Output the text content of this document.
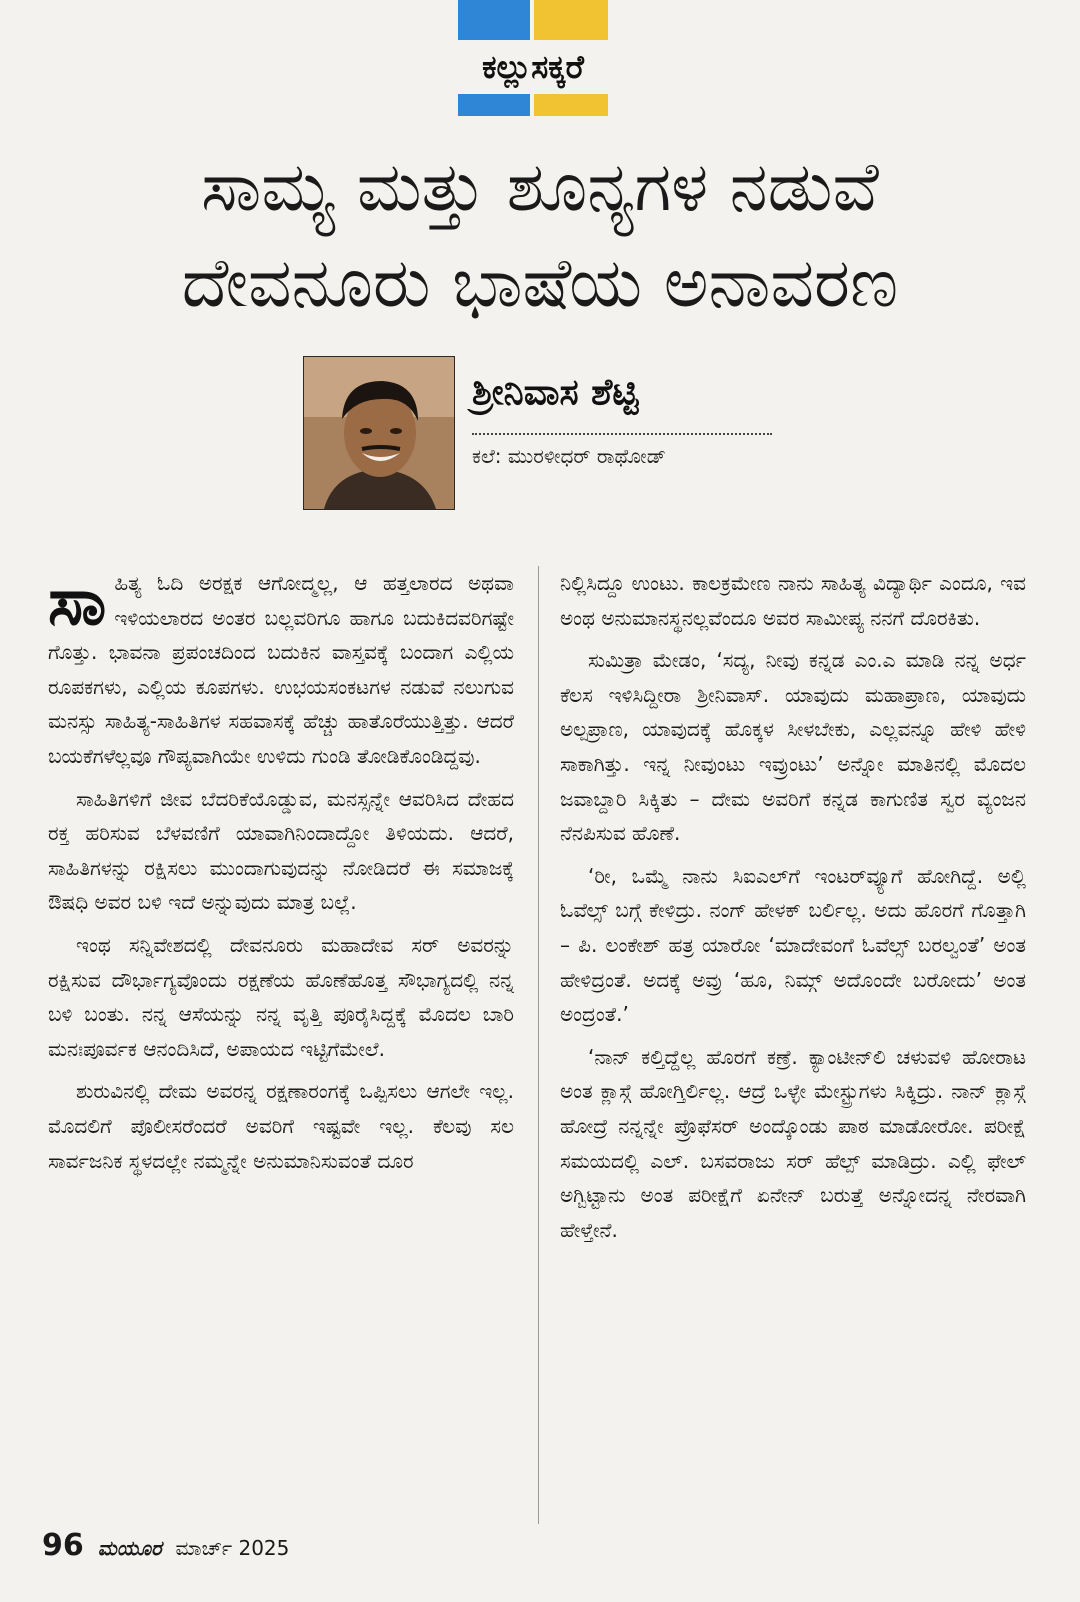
ಕಲ್ಲುಸಕ್ಕರೆ
ಸಾಮ್ಯ ಮತ್ತು ಶೂನ್ಯಗಳ ನಡುವೆ
ದೇವನೂರು ಭಾಷೆಯ ಅನಾವರಣ
ಶ್ರೀನಿವಾಸ ಶೆಟ್ಟಿ
ಕಲೆ: ಮುರಳೀಧರ್ ರಾಥೋಡ್

ಸಾಹಿತ್ಯ ಓದಿ ಅರಕ್ಷಕ ಆಗೋದ್ಮಲ್ಲ, ಆ ಹತ್ತಲಾರದ ಅಥವಾ ಇಳಿಯಲಾರದ ಅಂತರ ಬಲ್ಲವರಿಗೂ ಹಾಗೂ ಬದುಕಿದವರಿಗಷ್ಟೇ ಗೊತ್ತು. ಭಾವನಾ ಪ್ರಪಂಚದಿಂದ ಬದುಕಿನ ವಾಸ್ತವಕ್ಕೆ ಬಂದಾಗ ಎಲ್ಲಿಯ ರೂಪಕಗಳು, ಎಲ್ಲಿಯ ಕೂಪಗಳು. ಉಭಯಸಂಕಟಗಳ ನಡುವೆ ನಲುಗುವ ಮನಸ್ಸು ಸಾಹಿತ್ಯ-ಸಾಹಿತಿಗಳ ಸಹವಾಸಕ್ಕೆ ಹೆಚ್ಚು ಹಾತೊರೆಯುತ್ತಿತ್ತು. ಆದರೆ ಬಯಕೆಗಳೆಲ್ಲವೂ ಗೌಪ್ಯವಾಗಿಯೇ ಉಳಿದು ಗುಂಡಿ ತೋಡಿಕೊಂಡಿದ್ದವು.

ಸಾಹಿತಿಗಳಿಗೆ ಜೀವ ಬೆದರಿಕೆಯೊಡ್ಡುವ, ಮನಸ್ಸನ್ನೇ ಆವರಿಸಿದ ದೇಹದ ರಕ್ತ ಹರಿಸುವ ಬೆಳವಣಿಗೆ ಯಾವಾಗಿನಿಂದಾದ್ದೋ ತಿಳಿಯದು. ಆದರೆ, ಸಾಹಿತಿಗಳನ್ನು ರಕ್ಷಿಸಲು ಮುಂದಾಗುವುದನ್ನು ನೋಡಿದರೆ ಈ ಸಮಾಜಕ್ಕೆ ಔಷಧಿ ಅವರ ಬಳಿ ಇದೆ ಅನ್ನುವುದು ಮಾತ್ರ ಬಲ್ಲೆ.

ಇಂಥ ಸನ್ನಿವೇಶದಲ್ಲಿ ದೇವನೂರು ಮಹಾದೇವ ಸರ್ ಅವರನ್ನು ರಕ್ಷಿಸುವ ದೌರ್ಭಾಗ್ಯವೊಂದು ರಕ್ಷಣೆಯ ಹೊಣೆಹೊತ್ತ ಸೌಭಾಗ್ಯದಲ್ಲಿ ನನ್ನ ಬಳಿ ಬಂತು. ನನ್ನ ಆಸೆಯನ್ನು ನನ್ನ ವೃತ್ತಿ ಪೂರೈಸಿದ್ದಕ್ಕೆ ಮೊದಲ ಬಾರಿ ಮನಃಪೂರ್ವಕ ಆನಂದಿಸಿದೆ, ಅಪಾಯದ ಇಟ್ಟಿಗೆಮೇಲೆ.

ಶುರುವಿನಲ್ಲಿ ದೇಮ ಅವರನ್ನ ರಕ್ಷಣಾರಂಗಕ್ಕೆ ಒಪ್ಪಿಸಲು ಆಗಲೇ ಇಲ್ಲ. ಮೊದಲಿಗೆ ಪೊಲೀಸರೆಂದರೆ ಅವರಿಗೆ ಇಷ್ಟವೇ ಇಲ್ಲ. ಕೆಲವು ಸಲ ಸಾರ್ವಜನಿಕ ಸ್ಥಳದಲ್ಲೇ ನಮ್ಮನ್ನೇ ಅನುಮಾನಿಸುವಂತೆ ದೂರ

ನಿಲ್ಲಿಸಿದ್ದೂ ಉಂಟು. ಕಾಲಕ್ರಮೇಣ ನಾನು ಸಾಹಿತ್ಯ ವಿದ್ಯಾರ್ಥಿ ಎಂದೂ, ಇವ ಅಂಥ ಅನುಮಾನಸ್ಥನಲ್ಲವೆಂದೂ ಅವರ ಸಾಮೀಪ್ಯ ನನಗೆ ದೊರಕಿತು.

ಸುಮಿತ್ರಾ ಮೇಡಂ, ‘ಸದ್ಯ, ನೀವು ಕನ್ನಡ ಎಂ.ಎ ಮಾಡಿ ನನ್ನ ಅರ್ಧ ಕೆಲಸ ಇಳಿಸಿದ್ದೀರಾ ಶ್ರೀನಿವಾಸ್. ಯಾವುದು ಮಹಾಪ್ರಾಣ, ಯಾವುದು ಅಲ್ಪಪ್ರಾಣ, ಯಾವುದಕ್ಕೆ ಹೊಕ್ಕಳ ಸೀಳಬೇಕು, ಎಲ್ಲವನ್ನೂ ಹೇಳಿ ಹೇಳಿ ಸಾಕಾಗಿತ್ತು. ಇನ್ನ ನೀವುಂಟು ಇವ್ರುಂಟು’ ಅನ್ನೋ ಮಾತಿನಲ್ಲಿ ಮೊದಲ ಜವಾಬ್ದಾರಿ ಸಿಕ್ಕಿತು – ದೇಮ ಅವರಿಗೆ ಕನ್ನಡ ಕಾಗುಣಿತ ಸ್ವರ ವ್ಯಂಜನ ನೆನಪಿಸುವ ಹೊಣೆ.

‘ರೀ, ಒಮ್ಮೆ ನಾನು ಸಿಐಎಲ್‌ಗೆ ಇಂಟರ್‌ವ್ಯೂಗೆ ಹೋಗಿದ್ದೆ. ಅಲ್ಲಿ ಓವೆಲ್ಸ್ ಬಗ್ಗೆ ಕೇಳಿದ್ರು. ನಂಗ್ ಹೇಳಕ್ ಬರ್ಲಿಲ್ಲ. ಅದು ಹೊರಗೆ ಗೊತ್ತಾಗಿ – ಪಿ. ಲಂಕೇಶ್ ಹತ್ರ ಯಾರೋ ‘ಮಾದೇವಂಗೆ ಓವೆಲ್ಸ್ ಬರಲ್ವಂತೆ’ ಅಂತ ಹೇಳಿದ್ರಂತೆ. ಅದಕ್ಕೆ ಅವ್ರು ‘ಹೂ, ನಿಮ್ಗ್ ಅದೊಂದೇ ಬರೋದು’ ಅಂತ ಅಂದ್ರಂತೆ.’

‘ನಾನ್ ಕಲ್ತಿದ್ದೆಲ್ಲ ಹೊರಗೆ ಕಣ್ರೆ. ಕ್ಯಾಂಟೀನ್‌ಲಿ ಚಳುವಳಿ ಹೋರಾಟ ಅಂತ ಕ್ಲಾಸ್ಗೆ ಹೋಗ್ತಿರ್ಲಿಲ್ಲ. ಆದ್ರೆ ಒಳ್ಳೇ ಮೇಸ್ಟ್ರುಗಳು ಸಿಕ್ಕಿದ್ರು. ನಾನ್ ಕ್ಲಾಸ್ಗೆ ಹೋದ್ರೆ ನನ್ನನ್ನೇ ಪ್ರೊಫೆಸರ್ ಅಂದ್ಕೊಂಡು ಪಾಠ ಮಾಡೋರೋ. ಪರೀಕ್ಷೆ ಸಮಯದಲ್ಲಿ ಎಲ್. ಬಸವರಾಜು ಸರ್ ಹೆಲ್ಪ್ ಮಾಡಿದ್ರು. ಎಲ್ಲಿ ಫೇಲ್ ಅಗ್ಬಿಟ್ಟಾನು ಅಂತ ಪರೀಕ್ಷೆಗೆ ಏನೇನ್ ಬರುತ್ತೆ ಅನ್ನೋದನ್ನ ನೇರವಾಗಿ ಹೇಳ್ತೇನೆ.

96 ಮಯೂರ ಮಾರ್ಚ್ 2025
